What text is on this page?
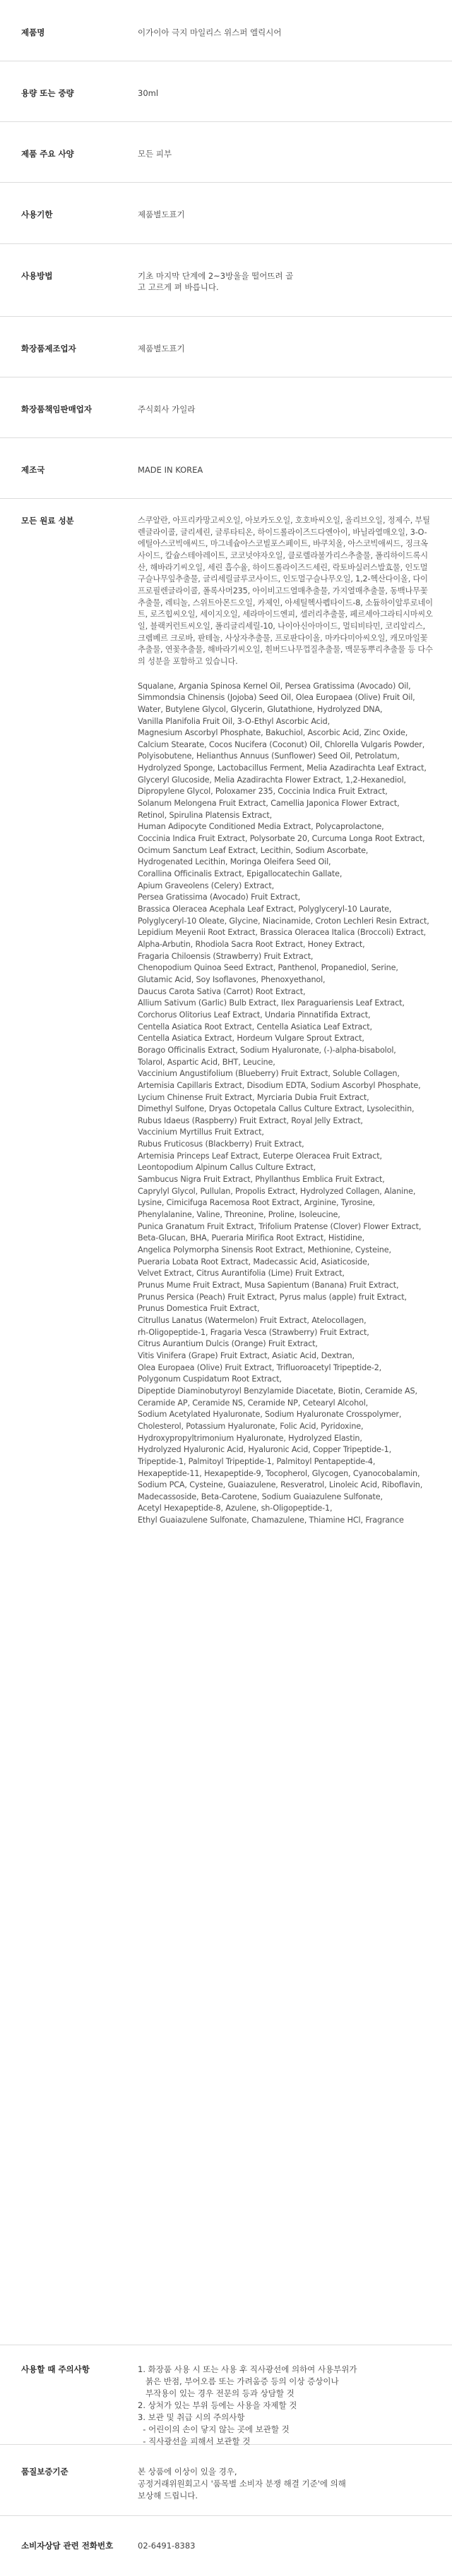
제품명	이가이아 극지 마일리스 위스퍼 엘릭시어
용량 또는 중량	30ml
제품 주요 사양	모든 피부
사용기한	제품별도표기
사용방법	기초 마지막 단계에 2~3방울을 떨어뜨려 골고 고르게 펴 바릅니다.
화장품제조업자	제품별도표기
화장품책임판매업자	주식회사 가일라
제조국	MADE IN KOREA
모든 원료 성분	스쿠알란, 아프리카망고씨오일, 아보카도오일, 호호바씨오일, 올리브오일, 정제수, 부틸렌글라이콜, 글리세린, 글루타티온, 하이드롤라이즈드다엔아이, 바닐라열매오일, 3-O-에틸아스코빅애씨드, 마그네슘아스코빌포스페이트, 바쿠치올, 아스코빅애씨드, 징크옥사이드, 칼슘스테아레이트, 코코넛야자오일, 클로렐라불가리스추출물, 폴리하이드록시산, 해바라기씨오일, 세린 흡수율, 하이드롤라이즈드세린, 락토바실러스발효물, 인도멀구슬나무잎추출물, 글리세릴글루코사이드, 인도멀구슬나무오일, 1,2-헥산다이올, 다이프로필렌글라이콜, 폴록사머235, 아이비고드열매추출물, 가지열매추출물, 동백나무꽃추출물, 레티놀, 스위트아몬드오일, 카제인, 아세틸헥사펩타이드-8, 소듐하이알루로네이트, 로즈힙씨오일, 세이지오일, 세라마이드엔피, 셀러리추출물, 페르세아그라티시마씨오일, 블랙커런트씨오일, 폴리글리세릴-10, 나이아신아마이드, 멀티비타민, 코리알리스, 크렘베르 크로바, 판테놀, 사상자추출물, 프로판다이올, 마카다미아씨오일, 캐모마일꽃추출물, 연꽃추출물, 해바라기씨오일, 흰버드나무껍질추출물, 맥문동뿌리추출물 등 다수의 성분을 포함하고 있습니다.

Squalane, Argania Spinosa Kernel Oil, Persea Gratissima (Avocado) Oil,
Simmondsia Chinensis (Jojoba) Seed Oil, Olea Europaea (Olive) Fruit Oil,
Water, Butylene Glycol, Glycerin, Glutathione, Hydrolyzed DNA,
Vanilla Planifolia Fruit Oil, 3-O-Ethyl Ascorbic Acid,
Magnesium Ascorbyl Phosphate, Bakuchiol, Ascorbic Acid, Zinc Oxide,
Calcium Stearate, Cocos Nucifera (Coconut) Oil, Chlorella Vulgaris Powder,
Polyisobutene, Helianthus Annuus (Sunflower) Seed Oil, Petrolatum,
Hydrolyzed Sponge, Lactobacillus Ferment, Melia Azadirachta Leaf Extract,
Glyceryl Glucoside, Melia Azadirachta Flower Extract, 1,2-Hexanediol,
Dipropylene Glycol, Poloxamer 235, Coccinia Indica Fruit Extract,
Solanum Melongena Fruit Extract, Camellia Japonica Flower Extract,
Retinol, Spirulina Platensis Extract,
Human Adipocyte Conditioned Media Extract, Polycaprolactone,
Coccinia Indica Fruit Extract, Polysorbate 20, Curcuma Longa Root Extract,
Ocimum Sanctum Leaf Extract, Lecithin, Sodium Ascorbate,
Hydrogenated Lecithin, Moringa Oleifera Seed Oil,
Corallina Officinalis Extract, Epigallocatechin Gallate,
Apium Graveolens (Celery) Extract,
Persea Gratissima (Avocado) Fruit Extract,
Brassica Oleracea Acephala Leaf Extract, Polyglyceryl-10 Laurate,
Polyglyceryl-10 Oleate, Glycine, Niacinamide, Croton Lechleri Resin Extract,
Lepidium Meyenii Root Extract, Brassica Oleracea Italica (Broccoli) Extract,
Alpha-Arbutin, Rhodiola Sacra Root Extract, Honey Extract,
Fragaria Chiloensis (Strawberry) Fruit Extract,
Chenopodium Quinoa Seed Extract, Panthenol, Propanediol, Serine,
Glutamic Acid, Soy Isoflavones, Phenoxyethanol,
Daucus Carota Sativa (Carrot) Root Extract,
Allium Sativum (Garlic) Bulb Extract, Ilex Paraguariensis Leaf Extract,
Corchorus Olitorius Leaf Extract, Undaria Pinnatifida Extract,
Centella Asiatica Root Extract, Centella Asiatica Leaf Extract,
Centella Asiatica Extract, Hordeum Vulgare Sprout Extract,
Borago Officinalis Extract, Sodium Hyaluronate, (-)-alpha-bisabolol,
Tolarol, Aspartic Acid, BHT, Leucine,
Vaccinium Angustifolium (Blueberry) Fruit Extract, Soluble Collagen,
Artemisia Capillaris Extract, Disodium EDTA, Sodium Ascorbyl Phosphate,
Lycium Chinense Fruit Extract, Myrciaria Dubia Fruit Extract,
Dimethyl Sulfone, Dryas Octopetala Callus Culture Extract, Lysolecithin,
Rubus Idaeus (Raspberry) Fruit Extract, Royal Jelly Extract,
Vaccinium Myrtillus Fruit Extract,
Rubus Fruticosus (Blackberry) Fruit Extract,
Artemisia Princeps Leaf Extract, Euterpe Oleracea Fruit Extract,
Leontopodium Alpinum Callus Culture Extract,
Sambucus Nigra Fruit Extract, Phyllanthus Emblica Fruit Extract,
Caprylyl Glycol, Pullulan, Propolis Extract, Hydrolyzed Collagen, Alanine,
Lysine, Cimicifuga Racemosa Root Extract, Arginine, Tyrosine,
Phenylalanine, Valine, Threonine, Proline, Isoleucine,
Punica Granatum Fruit Extract, Trifolium Pratense (Clover) Flower Extract,
Beta-Glucan, BHA, Pueraria Mirifica Root Extract, Histidine,
Angelica Polymorpha Sinensis Root Extract, Methionine, Cysteine,
Pueraria Lobata Root Extract, Madecassic Acid, Asiaticoside,
Velvet Extract, Citrus Aurantifolia (Lime) Fruit Extract,
Prunus Mume Fruit Extract, Musa Sapientum (Banana) Fruit Extract,
Prunus Persica (Peach) Fruit Extract, Pyrus malus (apple) fruit Extract,
Prunus Domestica Fruit Extract,
Citrullus Lanatus (Watermelon) Fruit Extract, Atelocollagen,
rh-Oligopeptide-1, Fragaria Vesca (Strawberry) Fruit Extract,
Citrus Aurantium Dulcis (Orange) Fruit Extract,
Vitis Vinifera (Grape) Fruit Extract, Asiatic Acid, Dextran,
Olea Europaea (Olive) Fruit Extract, Trifluoroacetyl Tripeptide-2,
Polygonum Cuspidatum Root Extract,
Dipeptide Diaminobutyroyl Benzylamide Diacetate, Biotin, Ceramide AS,
Ceramide AP, Ceramide NS, Ceramide NP, Cetearyl Alcohol,
Sodium Acetylated Hyaluronate, Sodium Hyaluronate Crosspolymer,
Cholesterol, Potassium Hyaluronate, Folic Acid, Pyridoxine,
Hydroxypropyltrimonium Hyaluronate, Hydrolyzed Elastin,
Hydrolyzed Hyaluronic Acid, Hyaluronic Acid, Copper Tripeptide-1,
Tripeptide-1, Palmitoyl Tripeptide-1, Palmitoyl Pentapeptide-4,
Hexapeptide-11, Hexapeptide-9, Tocopherol, Glycogen, Cyanocobalamin,
Sodium PCA, Cysteine, Guaiazulene, Resveratrol, Linoleic Acid, Riboflavin,
Madecassoside, Beta-Carotene, Sodium Guaiazulene Sulfonate,
Acetyl Hexapeptide-8, Azulene, sh-Oligopeptide-1,
Ethyl Guaiazulene Sulfonate, Chamazulene, Thiamine HCl, Fragrance

사용할 때 주의사항	1. 화장품 사용 시 또는 사용 후 직사광선에 의하여 사용부위가
붉은 반점, 부어오름 또는 가려움증 등의 이상 증상이나
부작용이 있는 경우 전문의 등과 상담할 것
2. 상처가 있는 부위 등에는 사용을 자제할 것
3. 보관 및 취급 시의 주의사항
- 어린이의 손이 닿지 않는 곳에 보관할 것
- 직사광선을 피해서 보관할 것
품질보증기준	본 상품에 이상이 있을 경우,
공정거래위원회고시 '품목별 소비자 분쟁 해결 기준'에 의해
보상해 드립니다.
소비자상담 관련 전화번호	02-6491-8383
